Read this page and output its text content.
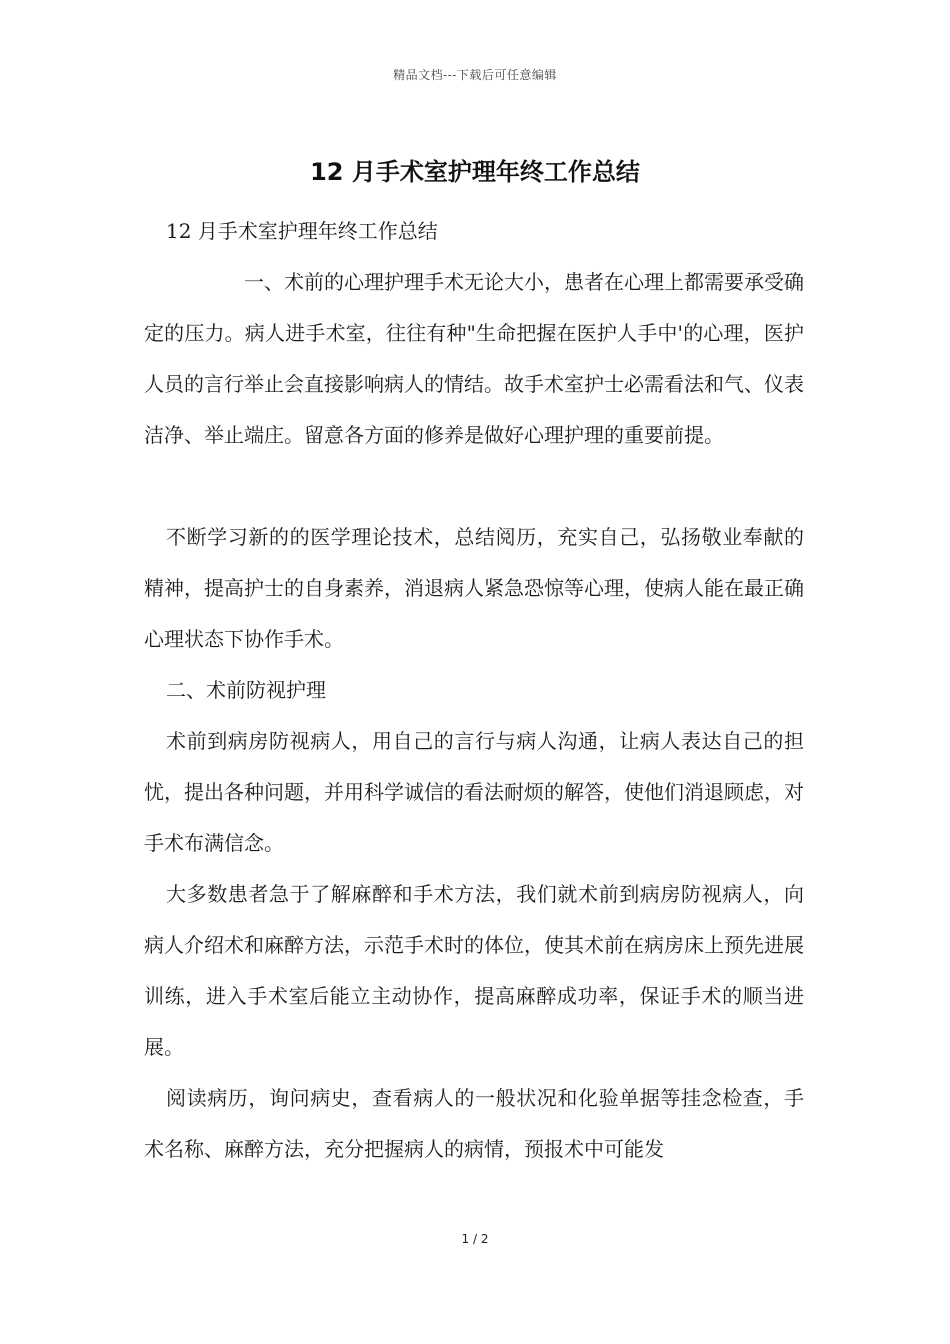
精品文档---下载后可任意编辑
12 月手术室护理年终工作总结

12 月手术室护理年终工作总结

一、术前的心理护理手术无论大小，患者在心理上都需要承受确定的压力。病人进手术室，往往有种"生命把握在医护人手中'的心理，医护人员的言行举止会直接影响病人的情结。故手术室护士必需看法和气、仪表洁净、举止端庄。留意各方面的修养是做好心理护理的重要前提。

不断学习新的的医学理论技术，总结阅历，充实自己，弘扬敬业奉献的精神，提高护士的自身素养，消退病人紧急恐惊等心理，使病人能在最正确心理状态下协作手术。

二、术前防视护理

术前到病房防视病人，用自己的言行与病人沟通，让病人表达自己的担忧，提出各种问题，并用科学诚信的看法耐烦的解答，使他们消退顾虑，对手术布满信念。

大多数患者急于了解麻醉和手术方法，我们就术前到病房防视病人，向病人介绍术和麻醉方法，示范手术时的体位，使其术前在病房床上预先进展训练，进入手术室后能立主动协作，提高麻醉成功率，保证手术的顺当进展。

阅读病历，询问病史，查看病人的一般状况和化验单据等挂念检查，手术名称、麻醉方法，充分把握病人的病情，预报术中可能发

1 / 2
